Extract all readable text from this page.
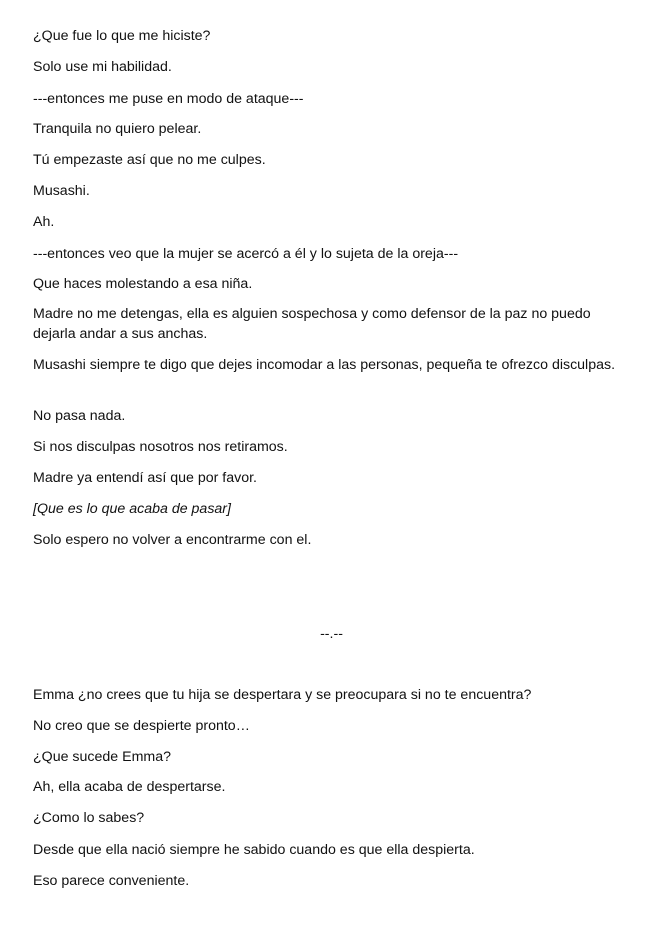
¿Que fue lo que me hiciste?

Solo use mi habilidad.

---entonces me puse en modo de ataque---

Tranquila no quiero pelear.

Tú empezaste así que no me culpes.

Musashi.

Ah.

---entonces veo que la mujer se acercó a él y lo sujeta de la oreja---

Que haces molestando a esa niña.

Madre no me detengas, ella es alguien sospechosa y como defensor de la paz no puedo dejarla andar a sus anchas.

Musashi siempre te digo que dejes incomodar a las personas, pequeña te ofrezco disculpas.

No pasa nada.

Si nos disculpas nosotros nos retiramos.

Madre ya entendí así que por favor.

[Que es lo que acaba de pasar]

Solo espero no volver a encontrarme con el.

--.--

Emma ¿no crees que tu hija se despertara y se preocupara si no te encuentra?

No creo que se despierte pronto…

¿Que sucede Emma?

Ah, ella acaba de despertarse.

¿Como lo sabes?

Desde que ella nació siempre he sabido cuando es que ella despierta.

Eso parece conveniente.
